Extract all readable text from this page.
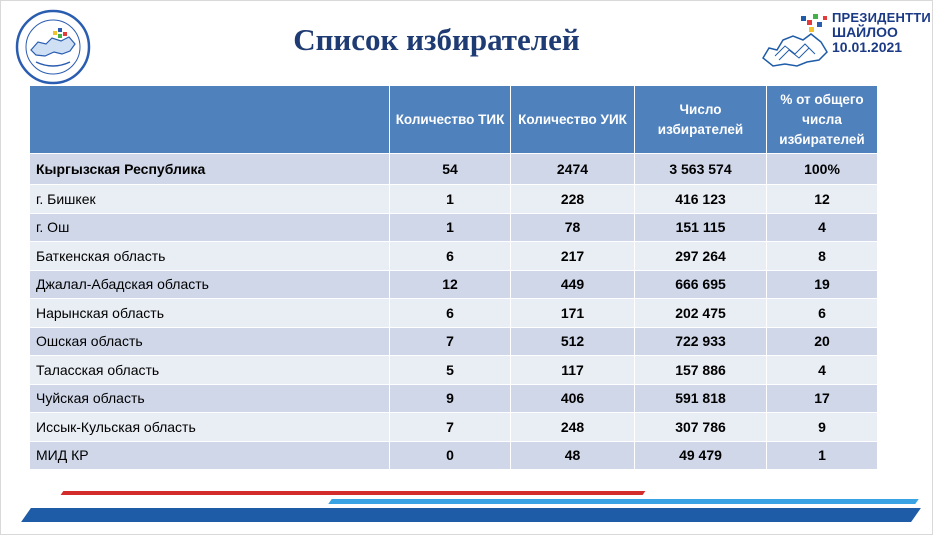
Список избирателей
ПРЕЗИДЕНТТИ
ШАЙЛОО
10.01.2021
	Количество ТИК	Количество УИК	Число избирателей	% от общего числа избирателей
Кыргызская Республика	54	2474	3 563 574	100%
г. Бишкек	1	228	416 123	12
г. Ош	1	78	151 115	4
Баткенская область	6	217	297 264	8
Джалал-Абадская область	12	449	666 695	19
Нарынская область	6	171	202 475	6
Ошская область	7	512	722 933	20
Таласская область	5	117	157 886	4
Чуйская область	9	406	591 818	17
Иссык-Кульская область	7	248	307 786	9
МИД КР	0	48	49 479	1
